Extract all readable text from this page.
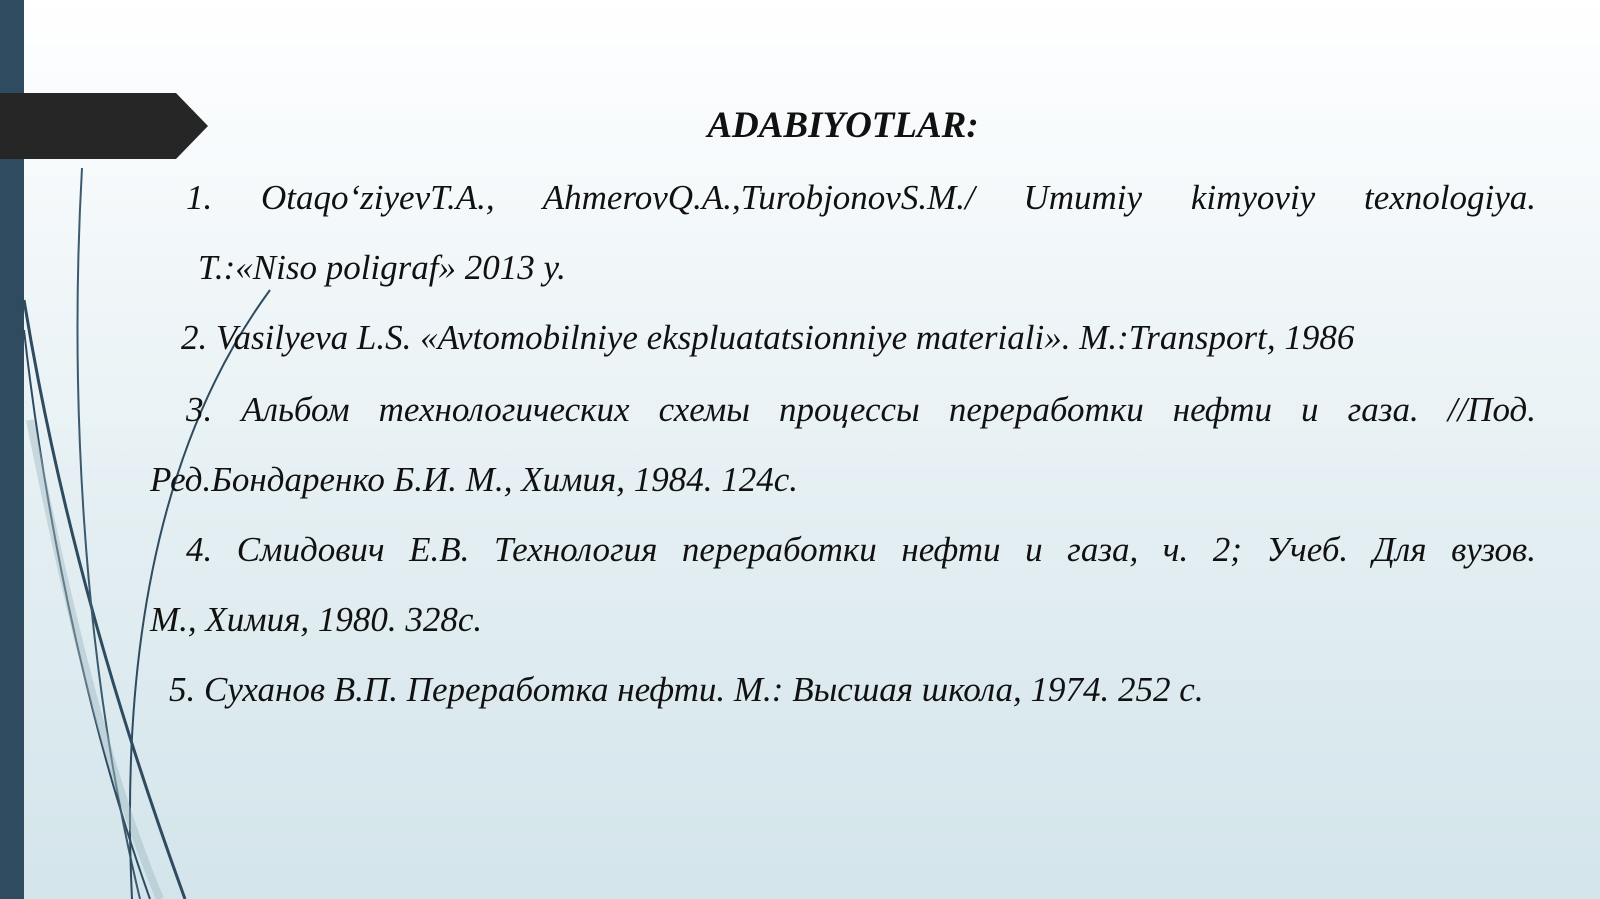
ADABIYOTLAR:
1. Otaqo‘ziyevT.A., AhmerovQ.A.,TurobjonovS.M./ Umumiy kimyoviy texnologiya.
T.:«Niso poligraf» 2013 y.
2. Vasilyeva L.S. «Avtomobilniye ekspluatatsionniye materiali». M.:Transport, 1986
3. Альбом технологических схемы процессы переработки нефти и газа. //Под.
Ред.Бондаренко Б.И. М., Химия, 1984. 124с.
4. Смидович Е.В. Технология переработки нефти и газа, ч. 2; Учеб. Для вузов.
М., Химия, 1980. 328с.
5. Суханов В.П. Переработка нефти. М.: Высшая школа, 1974. 252 с.
